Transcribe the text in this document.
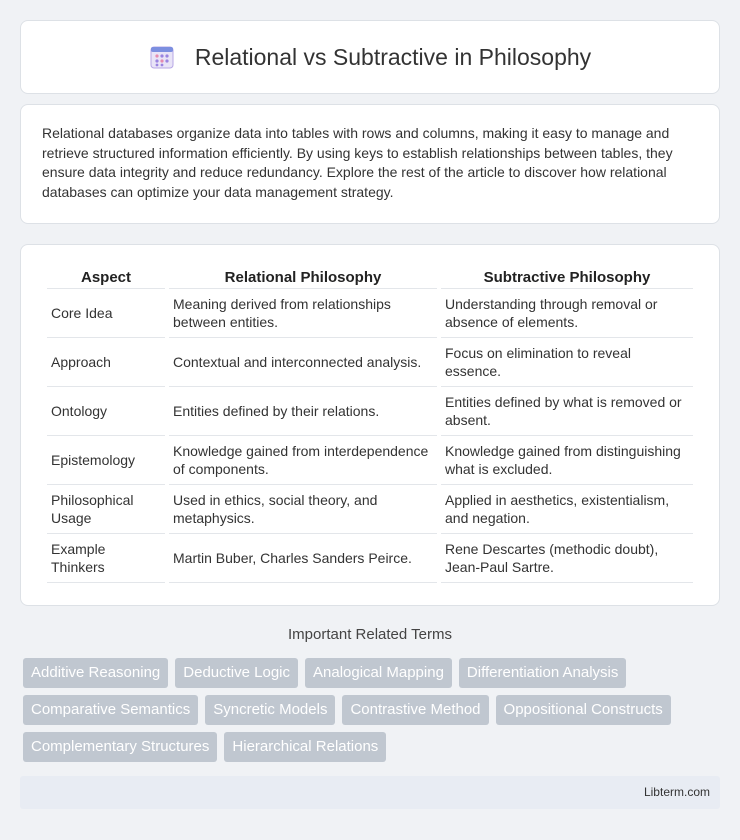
Relational vs Subtractive in Philosophy

Relational databases organize data into tables with rows and columns, making it easy to manage and retrieve structured information efficiently. By using keys to establish relationships between tables, they ensure data integrity and reduce redundancy. Explore the rest of the article to discover how relational databases can optimize your data management strategy.

Aspect	Relational Philosophy	Subtractive Philosophy
Core Idea	Meaning derived from relationships between entities.	Understanding through removal or absence of elements.
Approach	Contextual and interconnected analysis.	Focus on elimination to reveal essence.
Ontology	Entities defined by their relations.	Entities defined by what is removed or absent.
Epistemology	Knowledge gained from interdependence of components.	Knowledge gained from distinguishing what is excluded.
Philosophical Usage	Used in ethics, social theory, and metaphysics.	Applied in aesthetics, existentialism, and negation.
Example Thinkers	Martin Buber, Charles Sanders Peirce.	Rene Descartes (methodic doubt), Jean-Paul Sartre.
Important Related Terms
Additive Reasoning	Deductive Logic	Analogical Mapping	Differentiation Analysis
Comparative Semantics	Syncretic Models	Contrastive Method	Oppositional Constructs
Complementary Structures	Hierarchical Relations
Libterm.com
